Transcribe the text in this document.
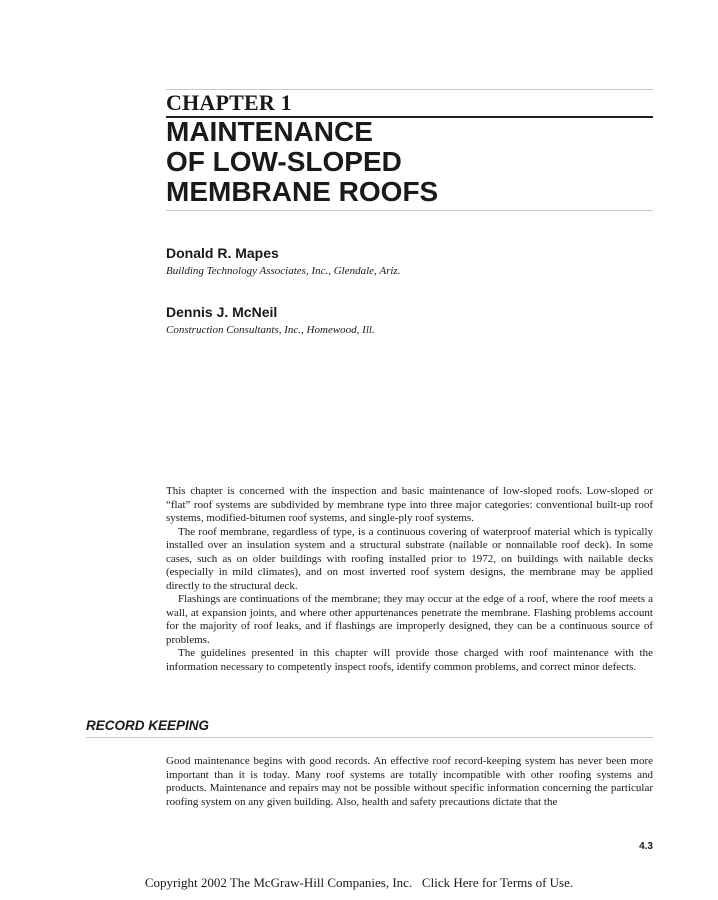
CHAPTER 1
MAINTENANCE
OF LOW-SLOPED
MEMBRANE ROOFS
Donald R. Mapes
Building Technology Associates, Inc., Glendale, Ariz.
Dennis J. McNeil
Construction Consultants, Inc., Homewood, Ill.

This chapter is concerned with the inspection and basic maintenance of low-sloped roofs. Low-sloped or “flat” roof systems are subdivided by membrane type into three major categories: conventional built-up roof systems, modified-bitumen roof systems, and single-ply roof systems.

The roof membrane, regardless of type, is a continuous covering of waterproof material which is typically installed over an insulation system and a structural substrate (nailable or nonnailable roof deck). In some cases, such as on older buildings with roofing installed prior to 1972, on buildings with nailable decks (especially in mild climates), and on most inverted roof system designs, the membrane may be applied directly to the structural deck.

Flashings are continuations of the membrane; they may occur at the edge of a roof, where the roof meets a wall, at expansion joints, and where other appurtenances penetrate the membrane. Flashing problems account for the majority of roof leaks, and if flashings are improperly designed, they can be a continuous source of problems.

The guidelines presented in this chapter will provide those charged with roof maintenance with the information necessary to competently inspect roofs, identify common problems, and correct minor defects.

RECORD KEEPING

Good maintenance begins with good records. An effective roof record-keeping system has never been more important than it is today. Many roof systems are totally incompatible with other roofing systems and products. Maintenance and repairs may not be possible without specific information concerning the particular roofing system on any given building. Also, health and safety precautions dictate that the

4.3
Copyright 2002 The McGraw-Hill Companies, Inc.   Click Here for Terms of Use.
